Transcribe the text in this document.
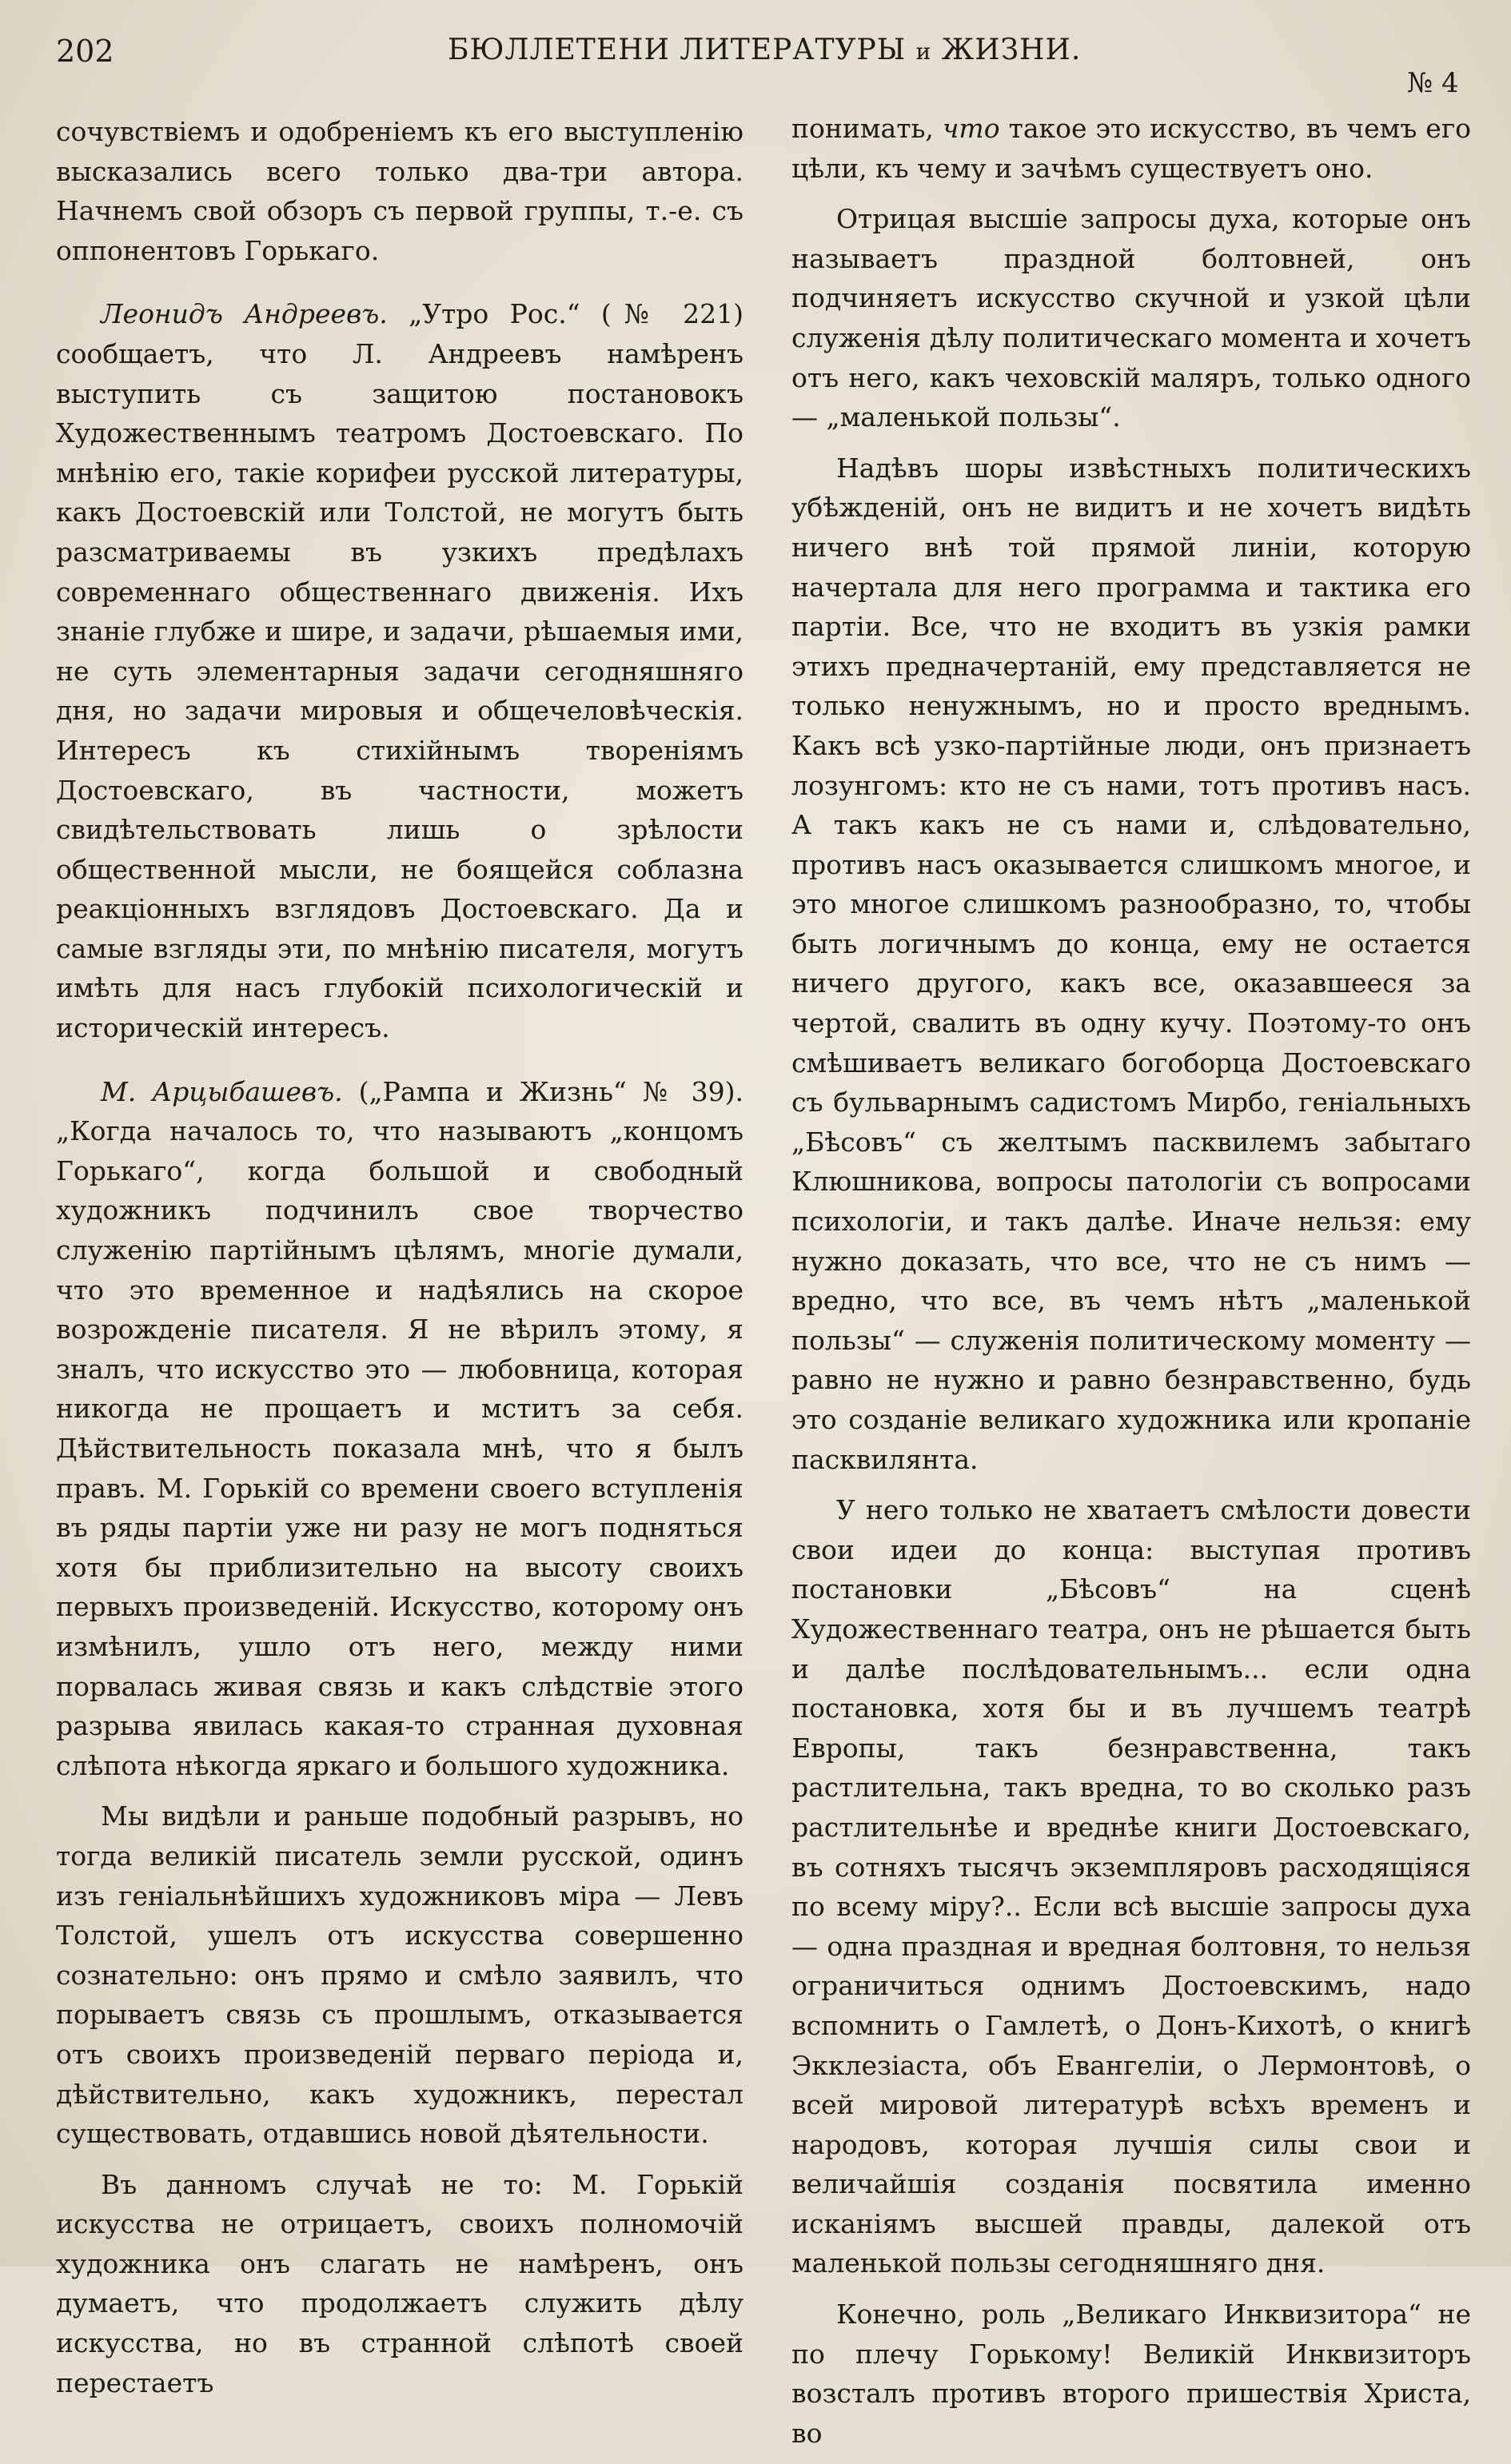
202	БЮЛЛЕТЕНИ ЛИТЕРАТУРЫ и ЖИЗНИ.
№ 4

сочувствіемъ и одобреніемъ къ его выступленію высказались всего только два-три автора. Начнемъ свой обзоръ съ первой группы, т.-е. съ оппонентовъ Горькаго.

Леонидъ Андреевъ. „Утро Рос.“ (№ 221) сообщаетъ, что Л. Андреевъ намѣренъ выступить съ защитою постановокъ Художественнымъ театромъ Достоевскаго. По мнѣнію его, такіе корифеи русской литературы, какъ Достоевскій или Толстой, не могутъ быть разсматриваемы въ узкихъ предѣлахъ современнаго общественнаго движенія. Ихъ знаніе глубже и шире, и задачи, рѣшаемыя ими, не суть элементарныя задачи сегодняшняго дня, но задачи мировыя и общечеловѣческія. Интересъ къ стихійнымъ твореніямъ Достоевскаго, въ частности, можетъ свидѣтельствовать лишь о зрѣлости общественной мысли, не боящейся соблазна реакціонныхъ взглядовъ Достоевскаго. Да и самые взгляды эти, по мнѣнію писателя, могутъ имѣть для насъ глубокій психологическій и историческій интересъ.

М. Арцыбашевъ. („Рампа и Жизнь“ № 39). „Когда началось то, что называютъ „концомъ Горькаго“, когда большой и свободный художникъ подчинилъ свое творчество служенію партійнымъ цѣлямъ, многіе думали, что это временное и надѣялись на скорое возрожденіе писателя. Я не вѣрилъ этому, я зналъ, что искусство это — любовница, которая никогда не прощаетъ и мститъ за себя. Дѣйствительность показала мнѣ, что я былъ правъ. М. Горькій со времени своего вступленія въ ряды партіи уже ни разу не могъ подняться хотя бы приблизительно на высоту своихъ первыхъ произведеній. Искусство, которому онъ измѣнилъ, ушло отъ него, между ними порвалась живая связь и какъ слѣдствіе этого разрыва явилась какая-то странная духовная слѣпота нѣкогда яркаго и большого художника.

Мы видѣли и раньше подобный разрывъ, но тогда великій писатель земли русской, одинъ изъ геніальнѣйшихъ художниковъ міра — Левъ Толстой, ушелъ отъ искусства совершенно сознательно: онъ прямо и смѣло заявилъ, что порываетъ связь съ прошлымъ, отказывается отъ своихъ произведеній перваго періода и, дѣйствительно, какъ художникъ, перестал существовать, отдавшись новой дѣятельности.

Въ данномъ случаѣ не то: М. Горькій искусства не отрицаетъ, своихъ полномочій художника онъ слагать не намѣренъ, онъ думаетъ, что продолжаетъ служить дѣлу искусства, но въ странной слѣпотѣ своей перестаетъ

понимать, что такое это искусство, въ чемъ его цѣли, къ чему и зачѣмъ существуетъ оно.

Отрицая высшіе запросы духа, которые онъ называетъ праздной болтовней, онъ подчиняетъ искусство скучной и узкой цѣли служенія дѣлу политическаго момента и хочетъ отъ него, какъ чеховскій маляръ, только одного — „маленькой пользы“.

Надѣвъ шоры извѣстныхъ политическихъ убѣжденій, онъ не видитъ и не хочетъ видѣть ничего внѣ той прямой линіи, которую начертала для него программа и тактика его партіи. Все, что не входитъ въ узкія рамки этихъ предначертаній, ему представляется не только ненужнымъ, но и просто вреднымъ. Какъ всѣ узко-партійные люди, онъ признаетъ лозунгомъ: кто не съ нами, тотъ противъ насъ. А такъ какъ не съ нами и, слѣдовательно, противъ насъ оказывается слишкомъ многое, и это многое слишкомъ разнообразно, то, чтобы быть логичнымъ до конца, ему не остается ничего другого, какъ все, оказавшееся за чертой, свалить въ одну кучу. Поэтому-то онъ смѣшиваетъ великаго богоборца Достоевскаго съ бульварнымъ садистомъ Мирбо, геніальныхъ „Бѣсовъ“ съ желтымъ пасквилемъ забытаго Клюшникова, вопросы патологіи съ вопросами психологіи, и такъ далѣе. Иначе нельзя: ему нужно доказать, что все, что не съ нимъ — вредно, что все, въ чемъ нѣтъ „маленькой пользы“ — служенія политическому моменту — равно не нужно и равно безнравственно, будь это созданіе великаго художника или кропаніе пасквилянта.

У него только не хватаетъ смѣлости довести свои идеи до конца: выступая противъ постановки „Бѣсовъ“ на сценѣ Художественнаго театра, онъ не рѣшается быть и далѣе послѣдовательнымъ... если одна постановка, хотя бы и въ лучшемъ театрѣ Европы, такъ безнравственна, такъ растлительна, такъ вредна, то во сколько разъ растлительнѣе и вреднѣе книги Достоевскаго, въ сотняхъ тысячъ экземпляровъ расходящіяся по всему міру?.. Если всѣ высшіе запросы духа — одна праздная и вредная болтовня, то нельзя ограничиться однимъ Достоевскимъ, надо вспомнить о Гамлетѣ, о Донъ-Кихотѣ, о книгѣ Экклезіаста, объ Евангеліи, о Лермонтовѣ, о всей мировой литературѣ всѣхъ временъ и народовъ, которая лучшія силы свои и величайшія созданія посвятила именно исканіямъ высшей правды, далекой отъ маленькой пользы сегодняшняго дня.

Конечно, роль „Великаго Инквизитора“ не по плечу Горькому! Великій Инквизиторъ возсталъ противъ второго пришествія Христа, во
